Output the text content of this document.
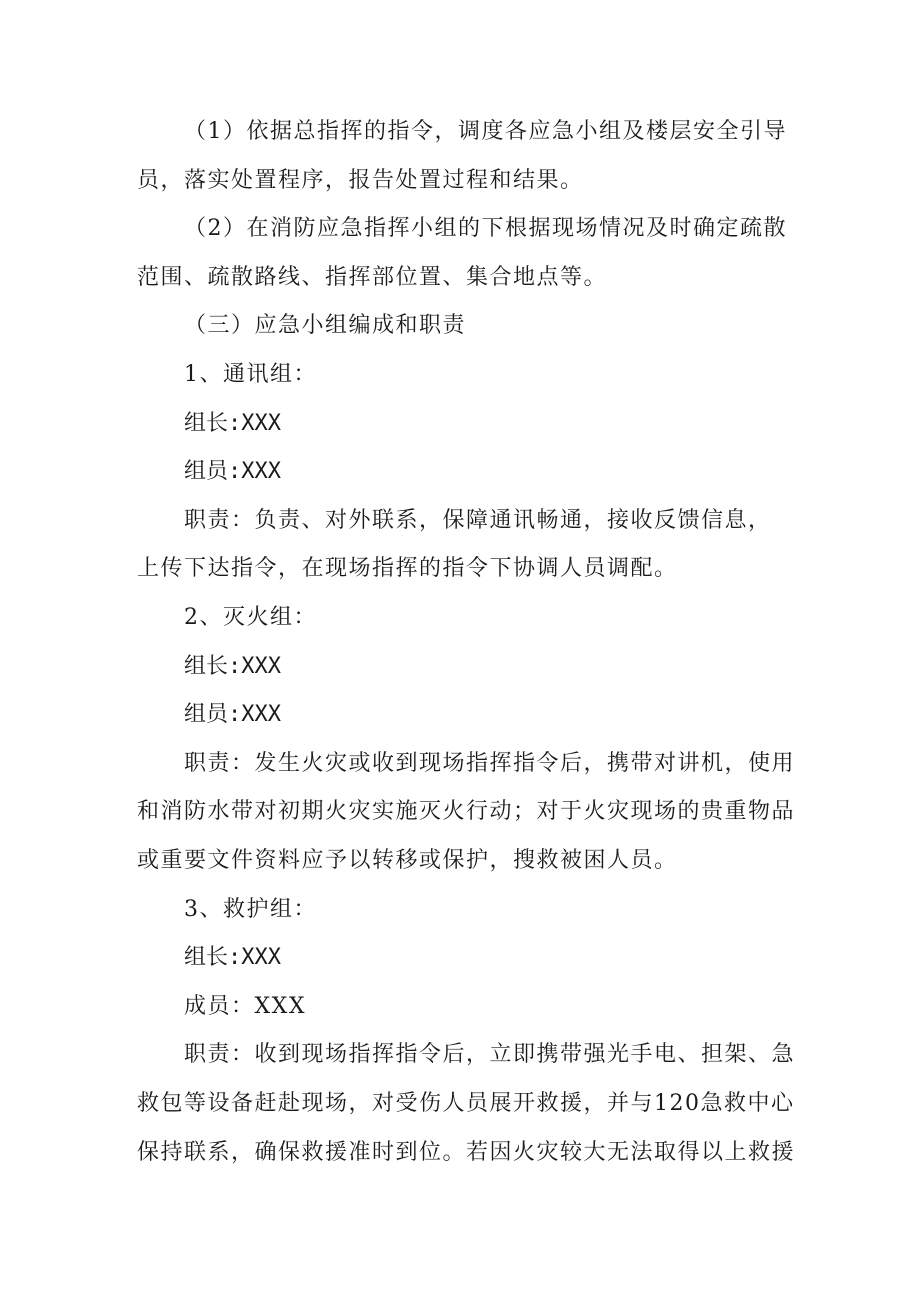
（1）依据总指挥的指令，调度各应急小组及楼层安全引导
员，落实处置程序，报告处置过程和结果。
（2）在消防应急指挥小组的下根据现场情况及时确定疏散
范围、疏散路线、指挥部位置、集合地点等。
（三）应急小组编成和职责
1、通讯组：
组长:XXX
组员:XXX
职责：负责、对外联系，保障通讯畅通，接收反馈信息，
上传下达指令，在现场指挥的指令下协调人员调配。
2、灭火组：
组长:XXX
组员:XXX
职责：发生火灾或收到现场指挥指令后，携带对讲机，使用
和消防水带对初期火灾实施灭火行动；对于火灾现场的贵重物品
或重要文件资料应予以转移或保护，搜救被困人员。
3、救护组：
组长:XXX
成员：XXX
职责：收到现场指挥指令后，立即携带强光手电、担架、急
救包等设备赶赴现场，对受伤人员展开救援，并与120急救中心
保持联系，确保救援准时到位。若因火灾较大无法取得以上救援
